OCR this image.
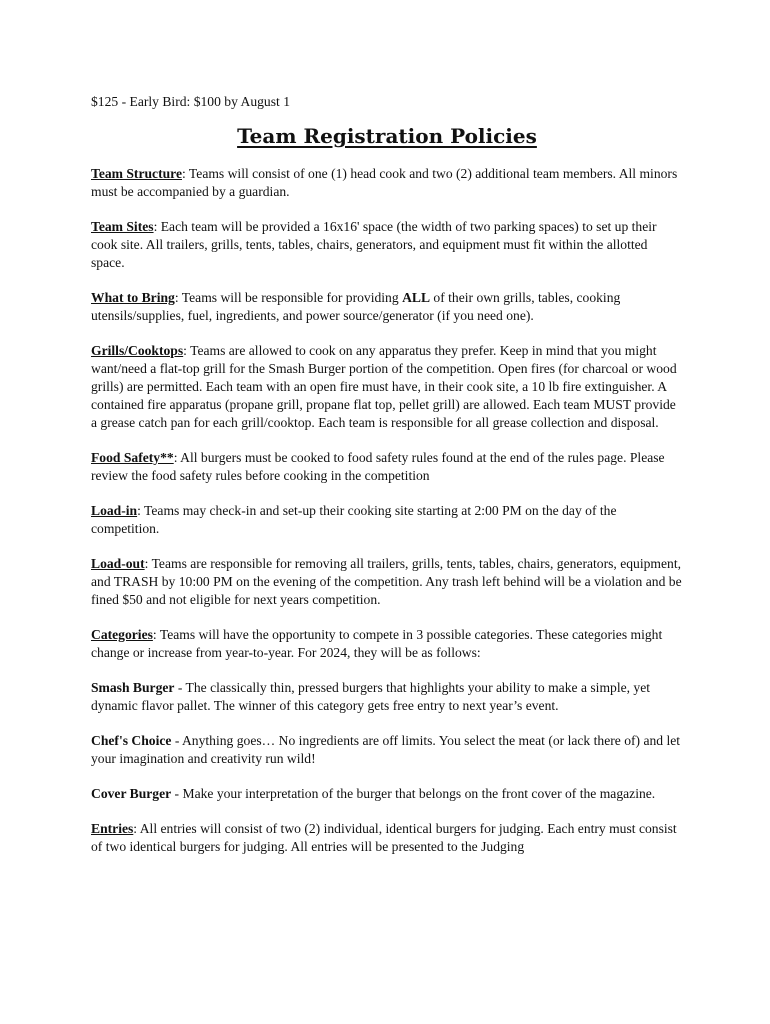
$125 - Early Bird: $100 by August 1

Team Registration Policies

Team Structure: Teams will consist of one (1) head cook and two (2) additional team members. All minors must be accompanied by a guardian.

Team Sites: Each team will be provided a 16x16' space (the width of two parking spaces) to set up their cook site. All trailers, grills, tents, tables, chairs, generators, and equipment must fit within the allotted space.

What to Bring: Teams will be responsible for providing ALL of their own grills, tables, cooking utensils/supplies, fuel, ingredients, and power source/generator (if you need one).

Grills/Cooktops: Teams are allowed to cook on any apparatus they prefer. Keep in mind that you might want/need a flat-top grill for the Smash Burger portion of the competition. Open fires (for charcoal or wood grills) are permitted. Each team with an open fire must have, in their cook site, a 10 lb fire extinguisher. A contained fire apparatus (propane grill, propane flat top, pellet grill) are allowed. Each team MUST provide a grease catch pan for each grill/cooktop. Each team is responsible for all grease collection and disposal.

Food Safety**: All burgers must be cooked to food safety rules found at the end of the rules page. Please review the food safety rules before cooking in the competition

Load-in: Teams may check-in and set-up their cooking site starting at 2:00 PM on the day of the competition.

Load-out: Teams are responsible for removing all trailers, grills, tents, tables, chairs, generators, equipment, and TRASH by 10:00 PM on the evening of the competition. Any trash left behind will be a violation and be fined $50 and not eligible for next years competition.

Categories: Teams will have the opportunity to compete in 3 possible categories. These categories might change or increase from year-to-year. For 2024, they will be as follows:

Smash Burger - The classically thin, pressed burgers that highlights your ability to make a simple, yet dynamic flavor pallet. The winner of this category gets free entry to next year’s event.

Chef's Choice - Anything goes… No ingredients are off limits. You select the meat (or lack there of) and let your imagination and creativity run wild!

Cover Burger - Make your interpretation of the burger that belongs on the front cover of the magazine.

Entries: All entries will consist of two (2) individual, identical burgers for judging. Each entry must consist of two identical burgers for judging. All entries will be presented to the Judging
